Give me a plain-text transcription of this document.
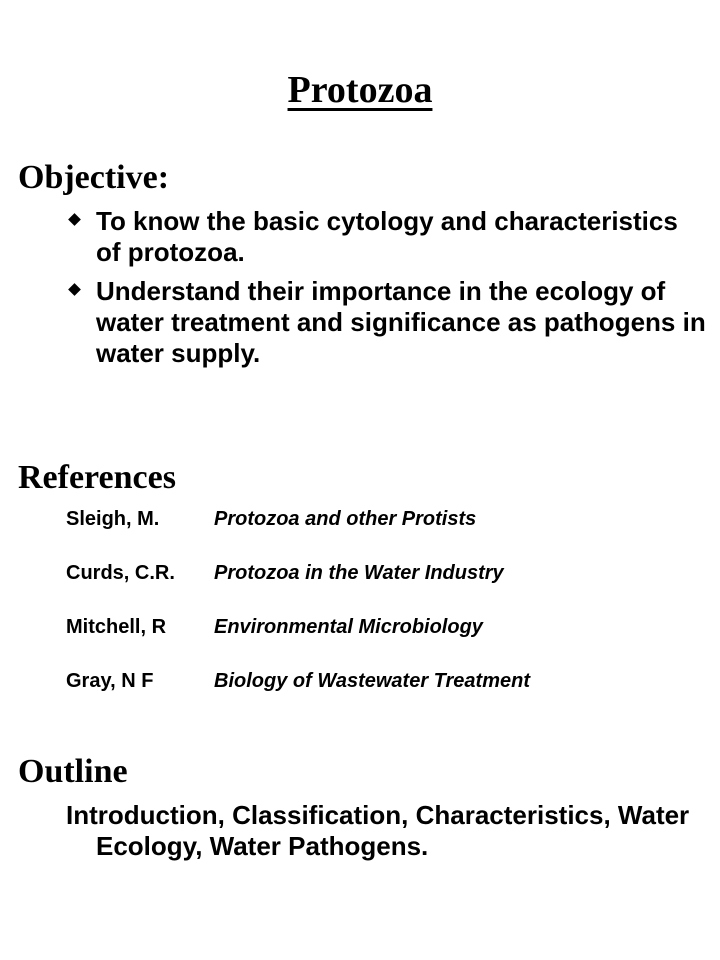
Protozoa
Objective:
To know the basic cytology and characteristics of protozoa.
Understand their importance in the ecology of water treatment and significance as pathogens in water supply.
References
Sleigh, M.	Protozoa and other Protists
Curds, C.R. Protozoa in the Water Industry
Mitchell, R Environmental Microbiology
Gray, N F	Biology of Wastewater Treatment
Outline
Introduction, Classification, Characteristics, Water Ecology, Water Pathogens.
